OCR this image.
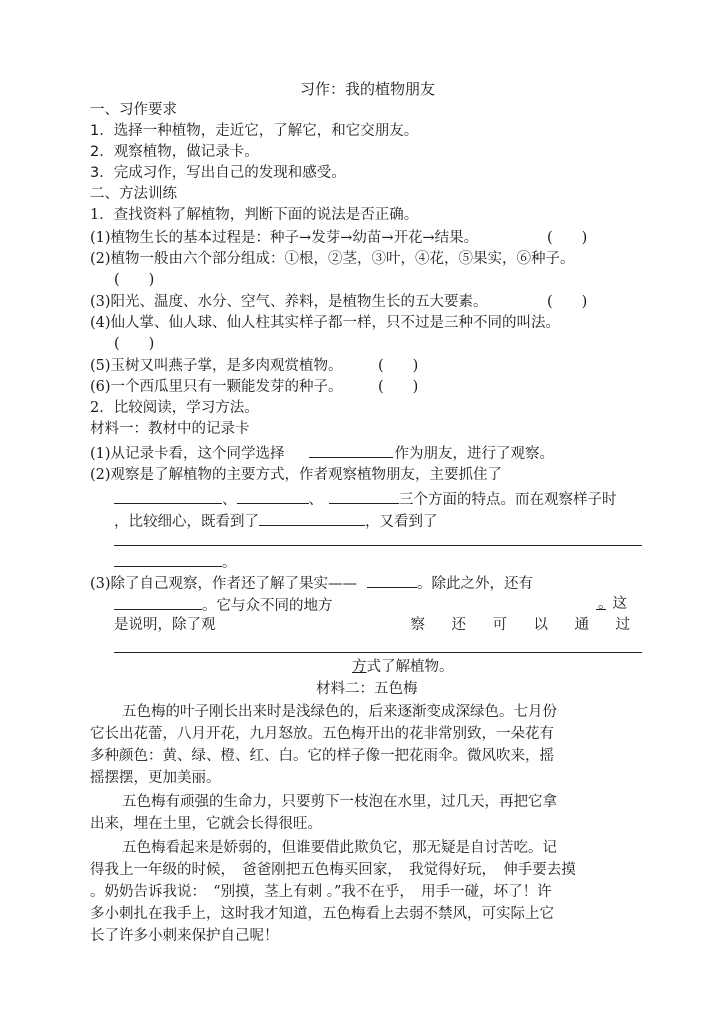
习作：我的植物朋友
一、习作要求
1．选择一种植物，走近它，了解它，和它交朋友。
2．观察植物，做记录卡。
3．完成习作，写出自己的发现和感受。
二、方法训练
1．查找资料了解植物，判断下面的说法是否正确。
(1)植物生长的基本过程是：种子→发芽→幼苗→开花→结果。	(　　)
(2)植物一般由六个部分组成：①根，②茎，③叶，④花，⑤果实，⑥种子。
(　　)
(3)阳光、温度、水分、空气、养料，是植物生长的五大要素。	(　　)
(4)仙人掌、仙人球、仙人柱其实样子都一样，只不过是三种不同的叫法。
(　　)
(5)玉树又叫燕子掌，是多肉观赏植物。 (　　)
(6)一个西瓜里只有一颗能发芽的种子。 (　　)
2．比较阅读，学习方法。
材料一：教材中的记录卡
(1)从记录卡看，这个同学选择	作为朋友，进行了观察。
(2)观察是了解植物的主要方式，作者观察植物朋友，主要抓住了
、	、	三个方面的特点。而在观察样子时
，比较细心，既看到了	，又看到了
。
(3)除了自己观察，作者还了解了果实——	。除此之外，还有
。它与众不同的地方	。这
是说明，除了观	察 还 可 以 通 过
方式了解植物。
材料二：五色梅
五色梅的叶子刚长出来时是浅绿色的，后来逐渐变成深绿色。七月份
它长出花蕾，八月开花，九月怒放。五色梅开出的花非常别致，一朵花有
多种颜色：黄、绿、橙、红、白。它的样子像一把花雨伞。微风吹来，摇
摇摆摆，更加美丽。
五色梅有顽强的生命力，只要剪下一枝泡在水里，过几天，再把它拿
出来，埋在土里，它就会长得很旺。
五色梅看起来是娇弱的，但谁要借此欺负它，那无疑是自讨苦吃。记
得我上一年级的时候，　爸爸刚把五色梅买回家，　我觉得好玩，　伸手要去摸
。奶奶告诉我说：　“别摸，茎上有刺 。”我不在乎，　用手一碰，坏了！许
多小刺扎在我手上，这时我才知道，五色梅看上去弱不禁风，可实际上它
长了许多小刺来保护自己呢！
